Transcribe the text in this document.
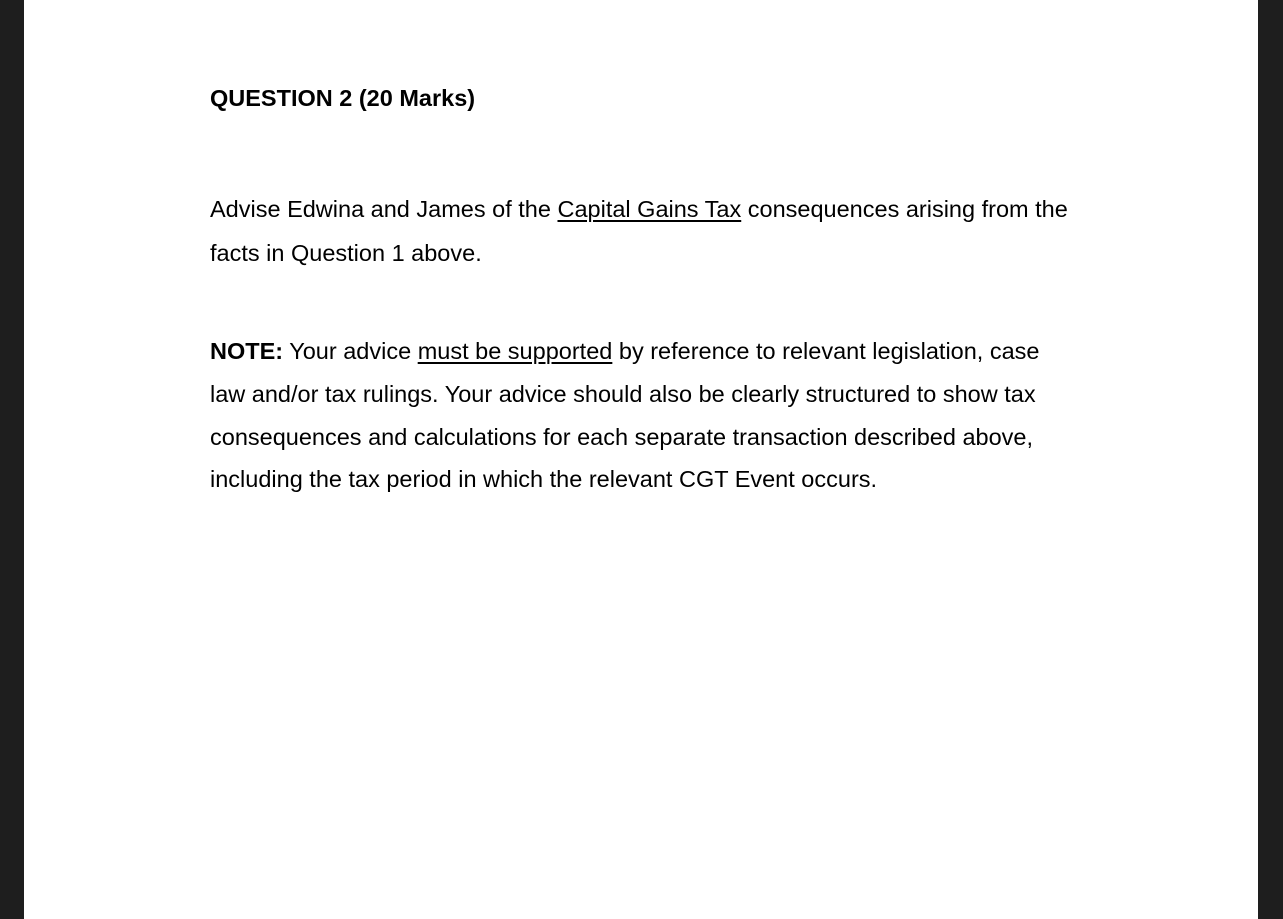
QUESTION 2 (20 Marks)

Advise Edwina and James of the Capital Gains Tax consequences arising from the facts in Question 1 above.

NOTE: Your advice must be supported by reference to relevant legislation, case law and/or tax rulings. Your advice should also be clearly structured to show tax consequences and calculations for each separate transaction described above, including the tax period in which the relevant CGT Event occurs.
